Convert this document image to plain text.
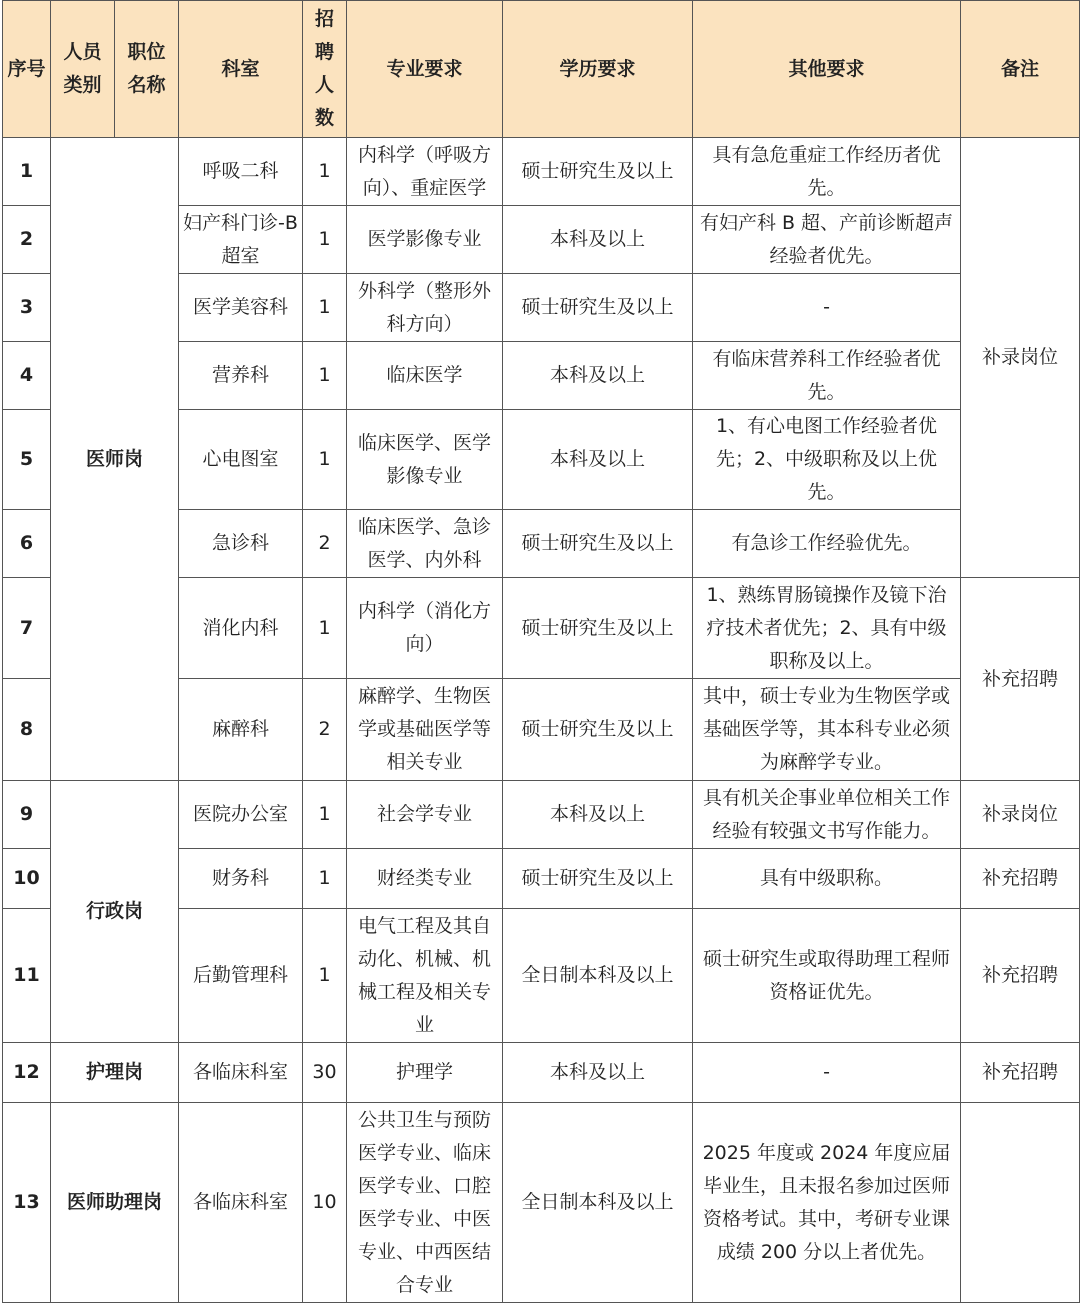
序号	人员类别	职位名称	科室	招聘人数	专业要求	学历要求	其他要求	备注
1	医师岗		呼吸二科	1	内科学（呼吸方向）、重症医学	硕士研究生及以上	具有急危重症工作经历者优先。	补录岗位
2			妇产科门诊-B超室	1	医学影像专业	本科及以上	有妇产科 B 超、产前诊断超声经验者优先。	
3			医学美容科	1	外科学（整形外科方向）	硕士研究生及以上	-	
4			营养科	1	临床医学	本科及以上	有临床营养科工作经验者优先。	
5			心电图室	1	临床医学、医学影像专业	本科及以上	1、有心电图工作经验者优先；2、中级职称及以上优先。	
6			急诊科	2	临床医学、急诊医学、内外科	硕士研究生及以上	有急诊工作经验优先。	
7			消化内科	1	内科学（消化方向）	硕士研究生及以上	1、熟练胃肠镜操作及镜下治疗技术者优先；2、具有中级职称及以上。	补充招聘
8			麻醉科	2	麻醉学、生物医学或基础医学等相关专业	硕士研究生及以上	其中，硕士专业为生物医学或基础医学等，其本科专业必须为麻醉学专业。	
9	行政岗		医院办公室	1	社会学专业	本科及以上	具有机关企事业单位相关工作经验有较强文书写作能力。	补录岗位
10			财务科	1	财经类专业	硕士研究生及以上	具有中级职称。	补充招聘
11			后勤管理科	1	电气工程及其自动化、机械、机械工程及相关专业	全日制本科及以上	硕士研究生或取得助理工程师资格证优先。	补充招聘
12	护理岗		各临床科室	30	护理学	本科及以上	-	补充招聘
13	医师助理岗		各临床科室	10	公共卫生与预防医学专业、临床医学专业、口腔医学专业、中医专业、中西医结合专业	全日制本科及以上	2025 年度或 2024 年度应届毕业生，且未报名参加过医师资格考试。其中，考研专业课成绩 200 分以上者优先。	
